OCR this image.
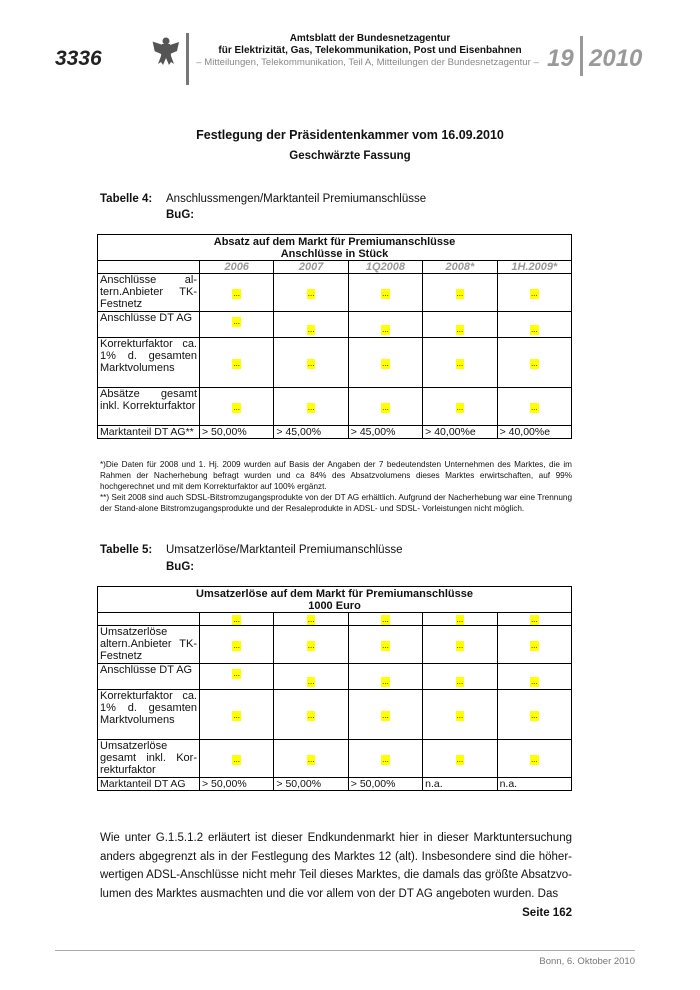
3336
Amtsblatt der Bundesnetzagentur
für Elektrizität, Gas, Telekommunikation, Post und Eisenbahnen
– Mitteilungen, Telekommunikation, Teil A, Mitteilungen der Bundesnetzagentur – 19 2010
Festlegung der Präsidentenkammer vom 16.09.2010
Geschwärzte Fassung
Tabelle 4: Anschlussmengen/Marktanteil Premiumanschlüsse
BuG:
Absatz auf dem Markt für Premiumanschlüsse
Anschlüsse in Stück					

	2006	2007	1Q2008	2008*	1H.2009*
Anschlüsse altern.Anbieter TK-Festnetz	...	...	...	...	...
Anschlüsse DT AG	...	...	...	...	...
Korrekturfaktor ca. 1% d. gesamten Marktvolumens	...	...	...	...	...
Absätze gesamt inkl. Korrekturfaktor	...	...	...	...	...
Marktanteil DT AG**	> 50,00%	> 45,00%	> 45,00%	> 40,00%e	> 40,00%e

*)Die Daten für 2008 und 1. Hj. 2009 wurden auf Basis der Angaben der 7 bedeutendsten Unternehmen des Marktes, die im Rahmen der Nacherhebung befragt wurden und ca 84% des Absatzvolumens dieses Marktes erwirtschaften, auf 99% hochgerechnet und mit dem Korrekturfaktor auf 100% ergänzt.

**) Seit 2008 sind auch SDSL-Bitstromzugangsprodukte von der DT AG erhältlich. Aufgrund der Nacherhebung war eine Trennung der Stand-alone Bitstromzugangsprodukte und der Resaleprodukte in ADSL- und SDSL- Vorleistungen nicht möglich.

Tabelle 5: Umsatzerlöse/Marktanteil Premiumanschlüsse
BuG:
Umsatzerlöse auf dem Markt für Premiumanschlüsse
1000 Euro					

	...	...	...	...	...
Umsatzerlöse altern.Anbieter TK-Festnetz	...	...	...	...	...
Anschlüsse DT AG	...	...	...	...	...
Korrekturfaktor ca. 1% d. gesamten Marktvolumens	...	...	...	...	...
Umsatzerlöse gesamt inkl. Korrekturfaktor	...	...	...	...	...
Marktanteil DT AG	> 50,00%	> 50,00%	> 50,00%	n.a.	n.a.

Wie unter G.1.5.1.2 erläutert ist dieser Endkundenmarkt hier in dieser Marktuntersuchung anders abgegrenzt als in der Festlegung des Marktes 12 (alt). Insbesondere sind die höherwertigen ADSL-Anschlüsse nicht mehr Teil dieses Marktes, die damals das größte Absatzvolumen des Marktes ausmachten und die vor allem von der DT AG angeboten wurden. Das

Seite 162
Bonn, 6. Oktober 2010
